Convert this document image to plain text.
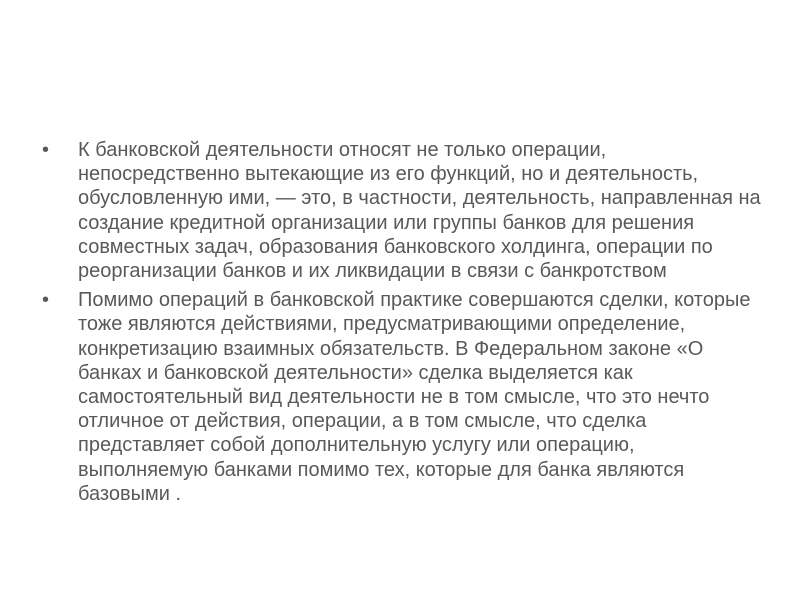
•	К банковской деятельности относят не только операции, непосредственно вытекающие из его функций, но и деятельность, обусловленную ими, — это, в частности, деятельность, направленная на создание кредитной организации или группы банков для решения совместных задач, образования банковского холдинга, операции по реорганизации банков и их ликвидации в связи с банкротством
•	Помимо операций в банковской практике совершаются сделки, которые тоже являются действиями, предусматривающими определение, конкретизацию взаимных обязательств. В Федеральном законе «О банках и банковской деятельности» сделка выделяется как самостоятельный вид деятельности не в том смысле, что это нечто отличное от действия, операции, а в том смысле, что сделка представляет собой дополнительную услугу или операцию, выполняемую банками помимо тех, которые для банка являются базовыми .
